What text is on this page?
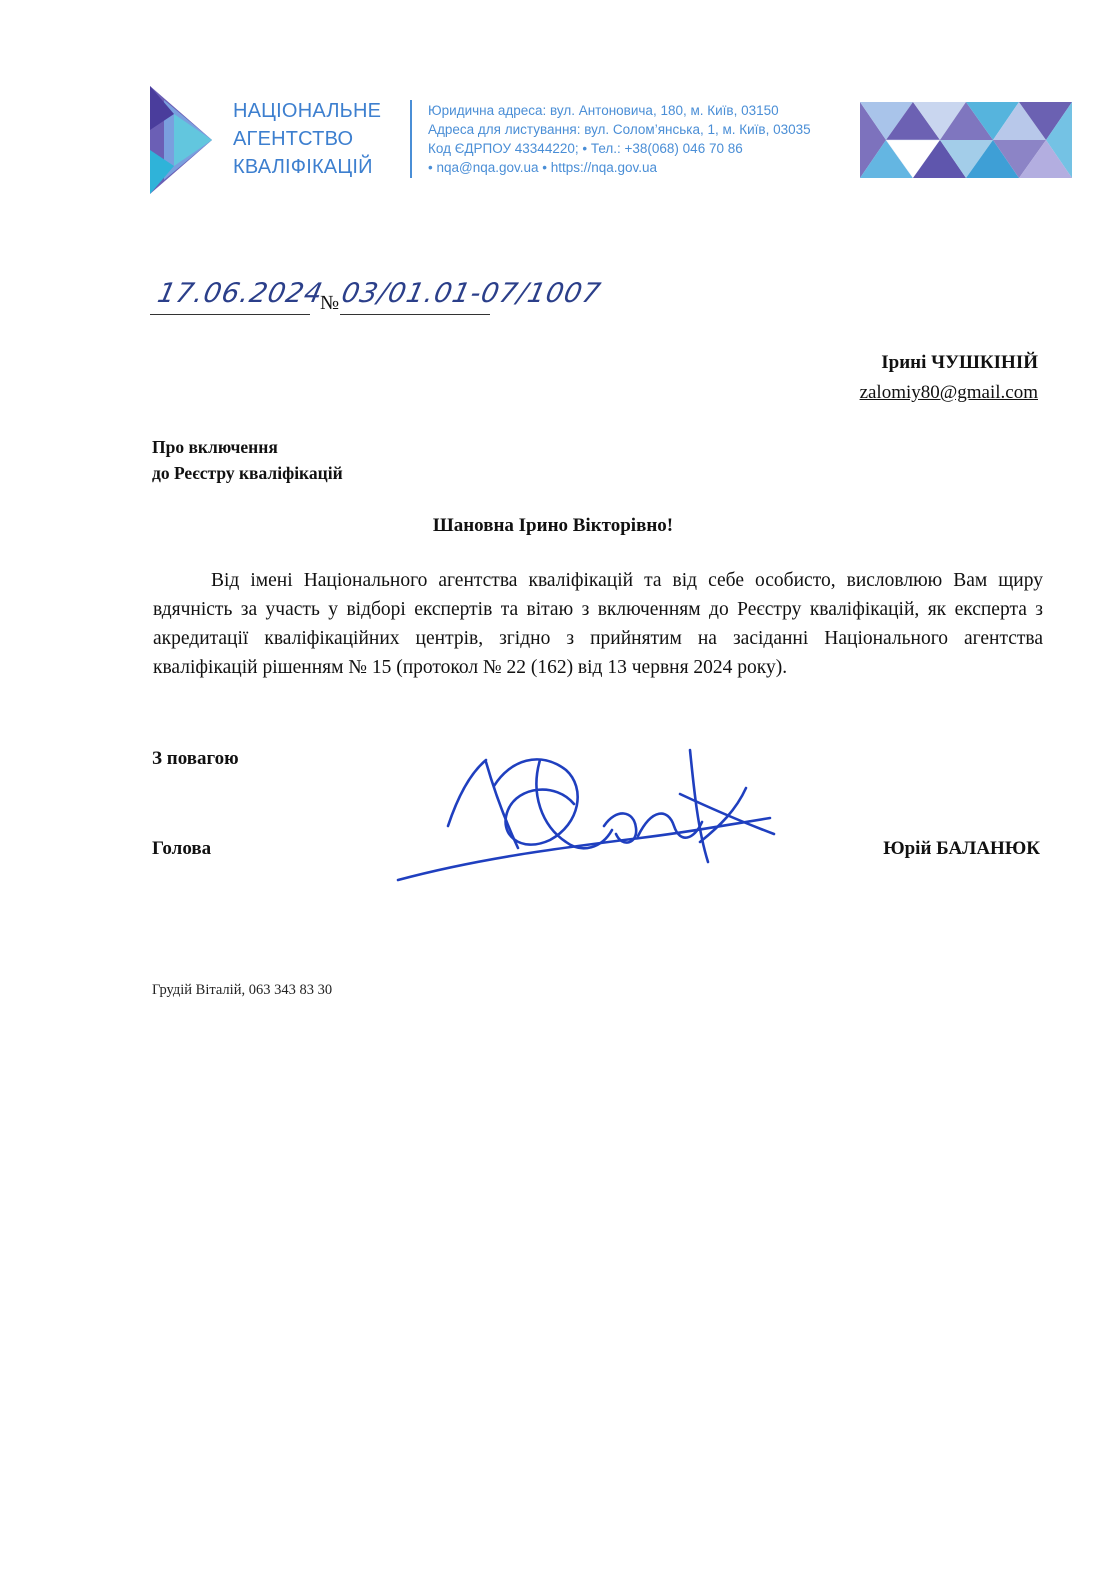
НАЦІОНАЛЬНЕ
АГЕНТСТВО
КВАЛІФІКАЦІЙ
Юридична адреса: вул. Антоновича, 180, м. Київ, 03150
Адреса для листування: вул. Солом’янська, 1, м. Київ, 03035
Код ЄДРПОУ 43344220; • Тел.: +38(068) 046 70 86
• nqa@nqa.gov.ua • https://nqa.gov.ua
17.06.2024
№ 03/01.01-07/1007
Ірині ЧУШКІНІЙ
zalomiy80@gmail.com
Про включення
до Реєстру кваліфікацій
Шановна Ірино Вікторівно!

Від імені Національного агентства кваліфікацій та від себе особисто, висловлюю Вам щиру вдячність за участь у відборі експертів та вітаю з включенням до Реєстру кваліфікацій, як експерта з акредитації кваліфікаційних центрів, згідно з прийнятим на засіданні Національного агентства кваліфікацій рішенням № 15 (протокол № 22 (162) від 13 червня 2024 року).

З повагою
Голова	Юрій БАЛАНЮК
Грудій Віталій, 063 343 83 30
